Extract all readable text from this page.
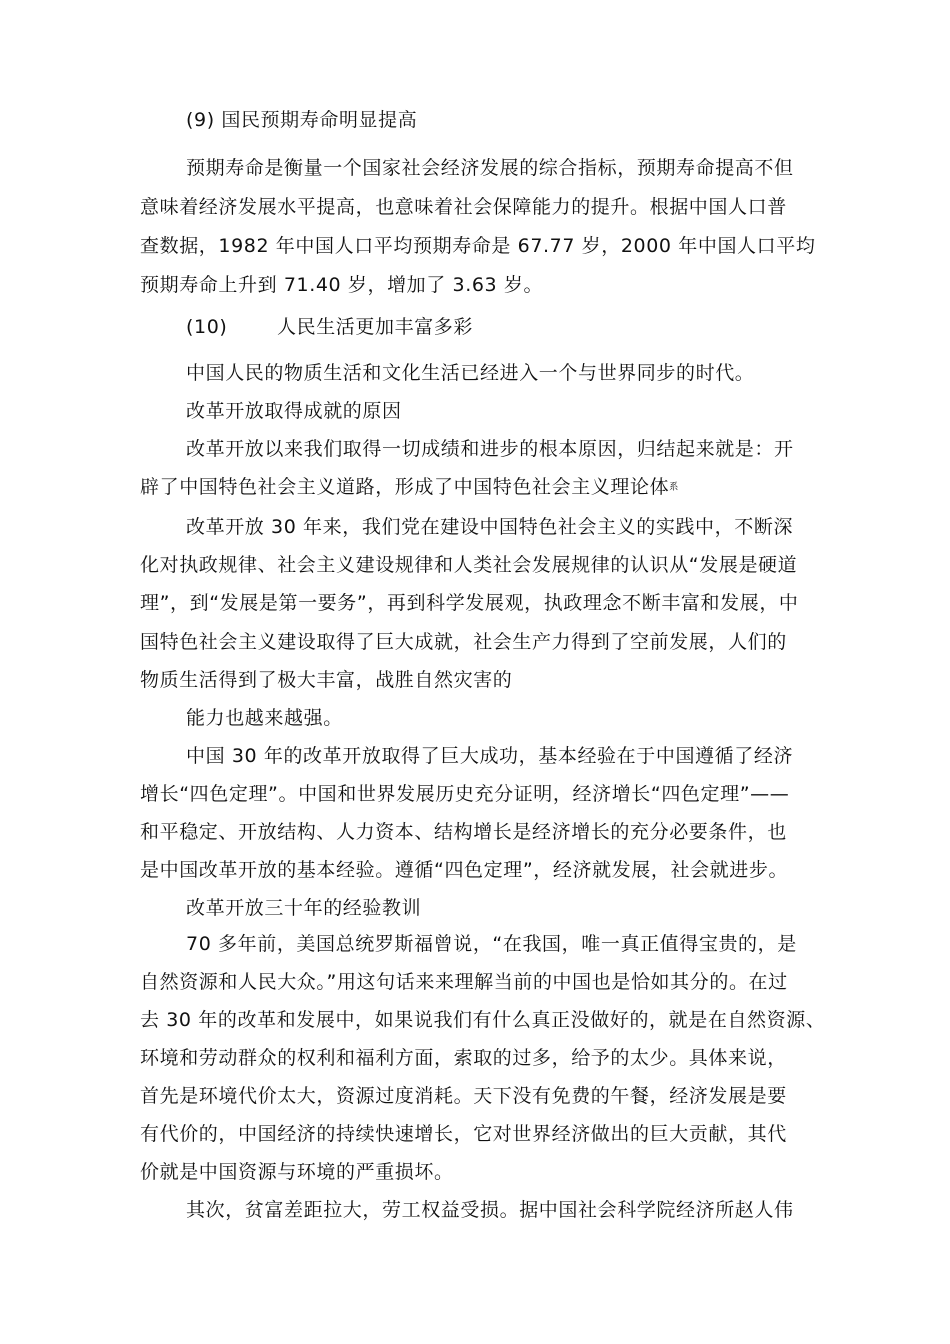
(9) 国民预期寿命明显提高
预期寿命是衡量一个国家社会经济发展的综合指标，预期寿命提高不但
意味着经济发展水平提高，也意味着社会保障能力的提升。根据中国人口普
查数据，1982 年中国人口平均预期寿命是 67.77 岁，2000 年中国人口平均
预期寿命上升到 71.40 岁，增加了 3.63 岁。
(10)	人民生活更加丰富多彩
中国人民的物质生活和文化生活已经进入一个与世界同步的时代。
改革开放取得成就的原因
改革开放以来我们取得一切成绩和进步的根本原因，归结起来就是：开
辟了中国特色社会主义道路，形成了中国特色社会主义理论体系
改革开放 30 年来，我们党在建设中国特色社会主义的实践中，不断深
化对执政规律、社会主义建设规律和人类社会发展规律的认识从“发展是硬道
理”，到“发展是第一要务”，再到科学发展观，执政理念不断丰富和发展，中
国特色社会主义建设取得了巨大成就，社会生产力得到了空前发展，人们的
物质生活得到了极大丰富，战胜自然灾害的
能力也越来越强。
中国 30 年的改革开放取得了巨大成功，基本经验在于中国遵循了经济
增长“四色定理”。中国和世界发展历史充分证明，经济增长“四色定理”——
和平稳定、开放结构、人力资本、结构增长是经济增长的充分必要条件，也
是中国改革开放的基本经验。遵循“四色定理”，经济就发展，社会就进步。
改革开放三十年的经验教训
70 多年前，美国总统罗斯福曾说，“在我国，唯一真正值得宝贵的，是
自然资源和人民大众。”用这句话来来理解当前的中国也是恰如其分的。在过
去 30 年的改革和发展中，如果说我们有什么真正没做好的，就是在自然资源、
环境和劳动群众的权利和福利方面，索取的过多，给予的太少。具体来说，
首先是环境代价太大，资源过度消耗。天下没有免费的午餐，经济发展是要
有代价的，中国经济的持续快速增长，它对世界经济做出的巨大贡献，其代
价就是中国资源与环境的严重损坏。
其次，贫富差距拉大，劳工权益受损。据中国社会科学院经济所赵人伟
